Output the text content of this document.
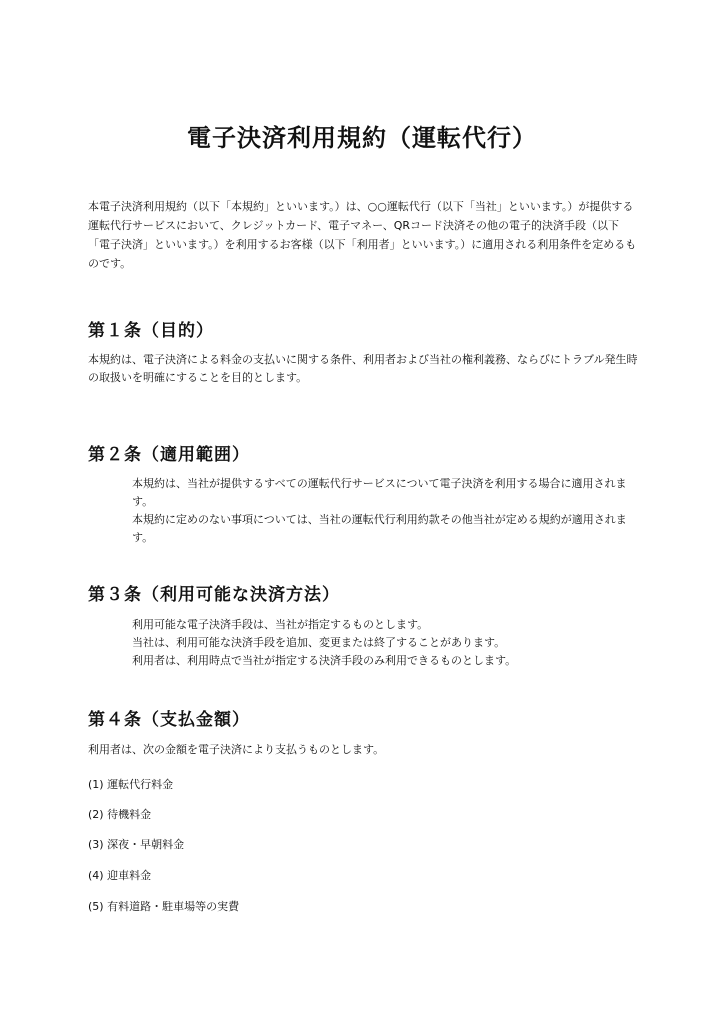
電子決済利用規約（運転代行）

本電子決済利用規約（以下「本規約」といいます。）は、○○運転代行（以下「当社」といいます。）が提供する運転代行サービスにおいて、クレジットカード、電子マネー、QRコード決済その他の電子的決済手段（以下「電子決済」といいます。）を利用するお客様（以下「利用者」といいます。）に適用される利用条件を定めるものです。

第１条（目的）

本規約は、電子決済による料金の支払いに関する条件、利用者および当社の権利義務、ならびにトラブル発生時の取扱いを明確にすることを目的とします。

第２条（適用範囲）

本規約は、当社が提供するすべての運転代行サービスについて電子決済を利用する場合に適用されます。

本規約に定めのない事項については、当社の運転代行利用約款その他当社が定める規約が適用されます。

第３条（利用可能な決済方法）

利用可能な電子決済手段は、当社が指定するものとします。

当社は、利用可能な決済手段を追加、変更または終了することがあります。

利用者は、利用時点で当社が指定する決済手段のみ利用できるものとします。

第４条（支払金額）

利用者は、次の金額を電子決済により支払うものとします。

(1) 運転代行料金

(2) 待機料金

(3) 深夜・早朝料金

(4) 迎車料金

(5) 有料道路・駐車場等の実費
